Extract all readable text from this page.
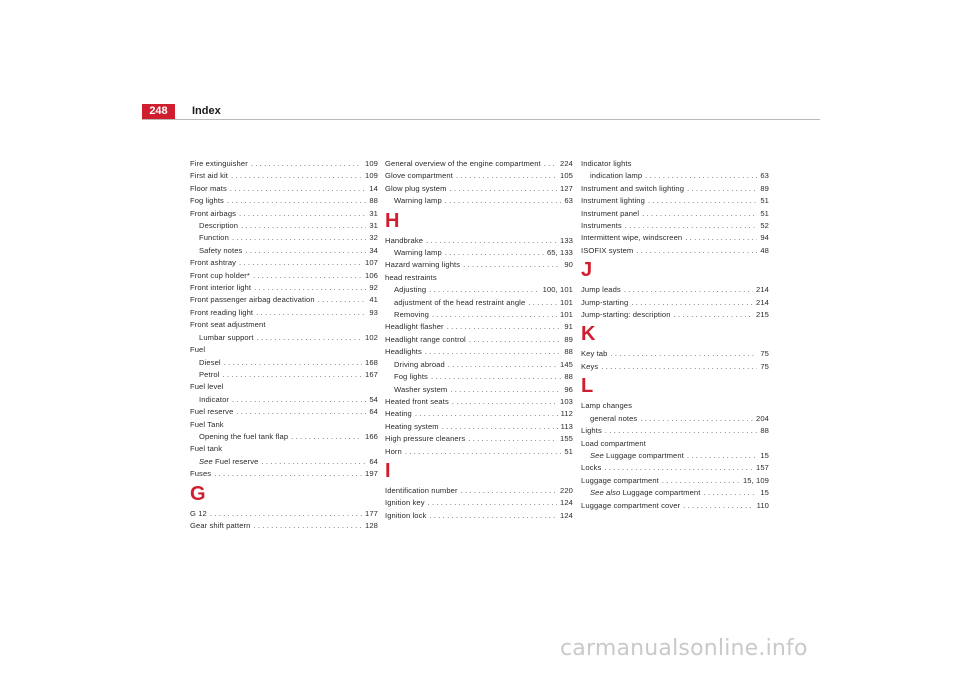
248	Index
Fire extinguisher . . .	109
First aid kit . . .	109
Floor mats . . .	14
Fog lights . . .	88
Front airbags . . .	31
Description . . .	31
Function . . .	32
Safety notes . . .	34
Front ashtray . . .	107
Front cup holder* . . .	106
Front interior light . . .	92
Front passenger airbag deactivation . . .	41
Front reading light . . .	93
Front seat adjustment
Lumbar support . . .	102
Fuel
Diesel . . .	168
Petrol . . .	167
Fuel level
Indicator . . .	54
Fuel reserve . . .	64
Fuel Tank
Opening the fuel tank flap . . .	166
Fuel tank
See
Fuel reserve . . .	64
Fuses . . .	197
G
G 12 . . .	177
Gear shift pattern . . .	128
General overview of the engine compartment . . .	224
Glove compartment . . .	105
Glow plug system . . .	127
Warning lamp . . .	63
H
Handbrake . . .	133
Warning lamp . . .	65, 133
Hazard warning lights . . .	90
head restraints
Adjusting . . .	100, 101
adjustment of the head restraint angle . . .	101
Removing . . .	101
Headlight flasher . . .	91
Headlight range control . . .	89
Headlights . . .	88
Driving abroad . . .	145
Fog lights . . .	88
Washer system . . .	96
Heated front seats . . .	103
Heating . . .	112
Heating system . . .	113
High pressure cleaners . . .	155
Horn . . .	51
I
Identification number . . .	220
Ignition key . . .	124
Ignition lock . . .	124
Indicator lights
indication lamp . . .	63
Instrument and switch lighting . . .	89
Instrument lighting . . .	51
Instrument panel . . .	51
Instruments . . .	52
Intermittent wipe, windscreen . . .	94
ISOFIX system . . .	48
J
Jump leads . . .	214
Jump-starting . . .	214
Jump-starting: description . . .	215
K
Key tab . . .	75
Keys . . .	75
L
Lamp changes
general notes . . .	204
Lights . . .	88
Load compartment
See
Luggage compartment . . .	15
Locks . . .	157
Luggage compartment . . .	15, 109
See also
Luggage compartment . . .	15
Luggage compartment cover . . .	110
carmanualsonline.info
